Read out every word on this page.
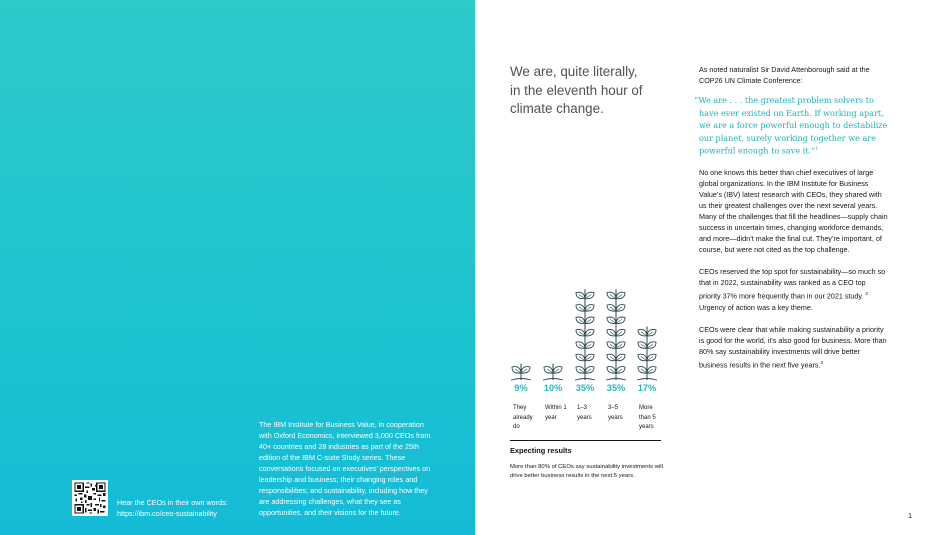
Hear the CEOs in their own words:
https://ibm.co/ceo-sustainability
The IBM Institute for Business Value, in cooperation with Oxford Economics, interviewed 3,000 CEOs from 40+ countries and 28 industries as part of the 25th edition of the IBM C-suite Study series. These conversations focused on executives’ perspectives on leadership and business; their changing roles and responsibilities; and sustainability, including how they are addressing challenges, what they see as opportunities, and their visions for the future.
We are, quite literally, in the eleventh hour of climate change.
9%
They already do
10%
Within 1 year
35%
1–3 years
35%
3–5 years
17%
More than 5 years
Expecting results
More than 80% of CEOs say sustainability investments will drive better business results in the next 5 years.

As noted naturalist Sir David Attenborough said at the COP26 UN Climate Conference:

“We are . . . the greatest problem solvers to have ever existed on Earth. If working apart, we are a force powerful enough to destabilize our planet, surely working together we are powerful enough to save it.”$^1$

No one knows this better than chief executives of large global organizations. In the IBM Institute for Business Value’s (IBV) latest research with CEOs, they shared with us their greatest challenges over the next several years. Many of the challenges that fill the headlines—supply chain success in uncertain times, changing workforce demands, and more—didn’t make the final cut. They’re important, of course, but were not cited as the top challenge.

CEOs reserved the top spot for sustainability—so much so that in 2022, sustainability was ranked as a CEO top priority 37% more frequently than in our 2021 study. $^2$ Urgency of action was a key theme.

CEOs were clear that while making sustainability a priority is good for the world, it’s also good for business. More than 80% say sustainability investments will drive better business results in the next five years.$^3$

1
